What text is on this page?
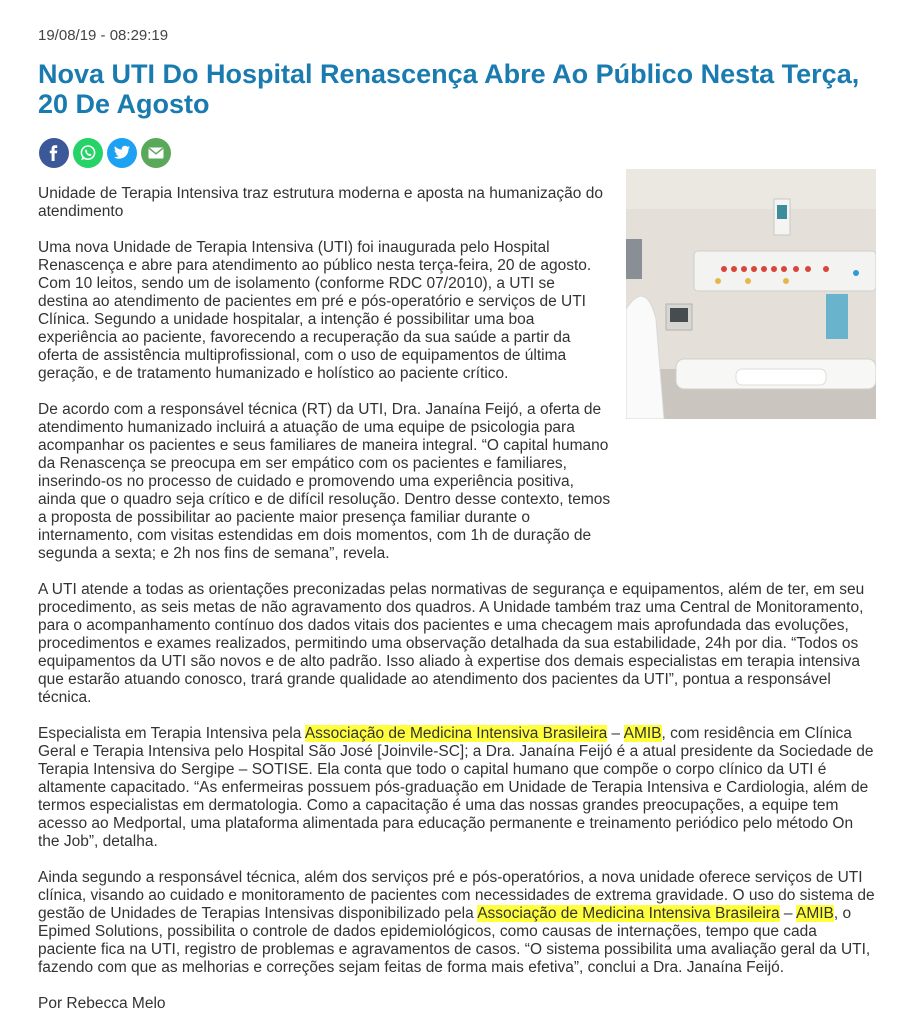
19/08/19 - 08:29:19
Nova UTI Do Hospital Renascença Abre Ao Público Nesta Terça, 20 De Agosto

Unidade de Terapia Intensiva traz estrutura moderna e aposta na humanização do atendimento

Uma nova Unidade de Terapia Intensiva (UTI) foi inaugurada pelo Hospital Renascença e abre para atendimento ao público nesta terça-feira, 20 de agosto. Com 10 leitos, sendo um de isolamento (conforme RDC 07/2010), a UTI se destina ao atendimento de pacientes em pré e pós-operatório e serviços de UTI Clínica. Segundo a unidade hospitalar, a intenção é possibilitar uma boa experiência ao paciente, favorecendo a recuperação da sua saúde a partir da oferta de assistência multiprofissional, com o uso de equipamentos de última geração, e de tratamento humanizado e holístico ao paciente crítico.

De acordo com a responsável técnica (RT) da UTI, Dra. Janaína Feijó, a oferta de atendimento humanizado incluirá a atuação de uma equipe de psicologia para acompanhar os pacientes e seus familiares de maneira integral. “O capital humano da Renascença se preocupa em ser empático com os pacientes e familiares, inserindo-os no processo de cuidado e promovendo uma experiência positiva, ainda que o quadro seja crítico e de difícil resolução. Dentro desse contexto, temos a proposta de possibilitar ao paciente maior presença familiar durante o internamento, com visitas estendidas em dois momentos, com 1h de duração de segunda a sexta; e 2h nos fins de semana”, revela.

A UTI atende a todas as orientações preconizadas pelas normativas de segurança e equipamentos, além de ter, em seu procedimento, as seis metas de não agravamento dos quadros. A Unidade também traz uma Central de Monitoramento, para o acompanhamento contínuo dos dados vitais dos pacientes e uma checagem mais aprofundada das evoluções, procedimentos e exames realizados, permitindo uma observação detalhada da sua estabilidade, 24h por dia. “Todos os equipamentos da UTI são novos e de alto padrão. Isso aliado à expertise dos demais especialistas em terapia intensiva que estarão atuando conosco, trará grande qualidade ao atendimento dos pacientes da UTI”, pontua a responsável técnica.

Especialista em Terapia Intensiva pela Associação de Medicina Intensiva Brasileira – AMIB, com residência em Clínica Geral e Terapia Intensiva pelo Hospital São José [Joinvile-SC]; a Dra. Janaína Feijó é a atual presidente da Sociedade de Terapia Intensiva do Sergipe – SOTISE. Ela conta que todo o capital humano que compõe o corpo clínico da UTI é altamente capacitado. “As enfermeiras possuem pós-graduação em Unidade de Terapia Intensiva e Cardiologia, além de termos especialistas em dermatologia. Como a capacitação é uma das nossas grandes preocupações, a equipe tem acesso ao Medportal, uma plataforma alimentada para educação permanente e treinamento periódico pelo método On the Job”, detalha.

Ainda segundo a responsável técnica, além dos serviços pré e pós-operatórios, a nova unidade oferece serviços de UTI clínica, visando ao cuidado e monitoramento de pacientes com necessidades de extrema gravidade. O uso do sistema de gestão de Unidades de Terapias Intensivas disponibilizado pela Associação de Medicina Intensiva Brasileira – AMIB, o Epimed Solutions, possibilita o controle de dados epidemiológicos, como causas de internações, tempo que cada paciente fica na UTI, registro de problemas e agravamentos de casos. “O sistema possibilita uma avaliação geral da UTI, fazendo com que as melhorias e correções sejam feitas de forma mais efetiva”, conclui a Dra. Janaína Feijó.

Por Rebecca Melo
